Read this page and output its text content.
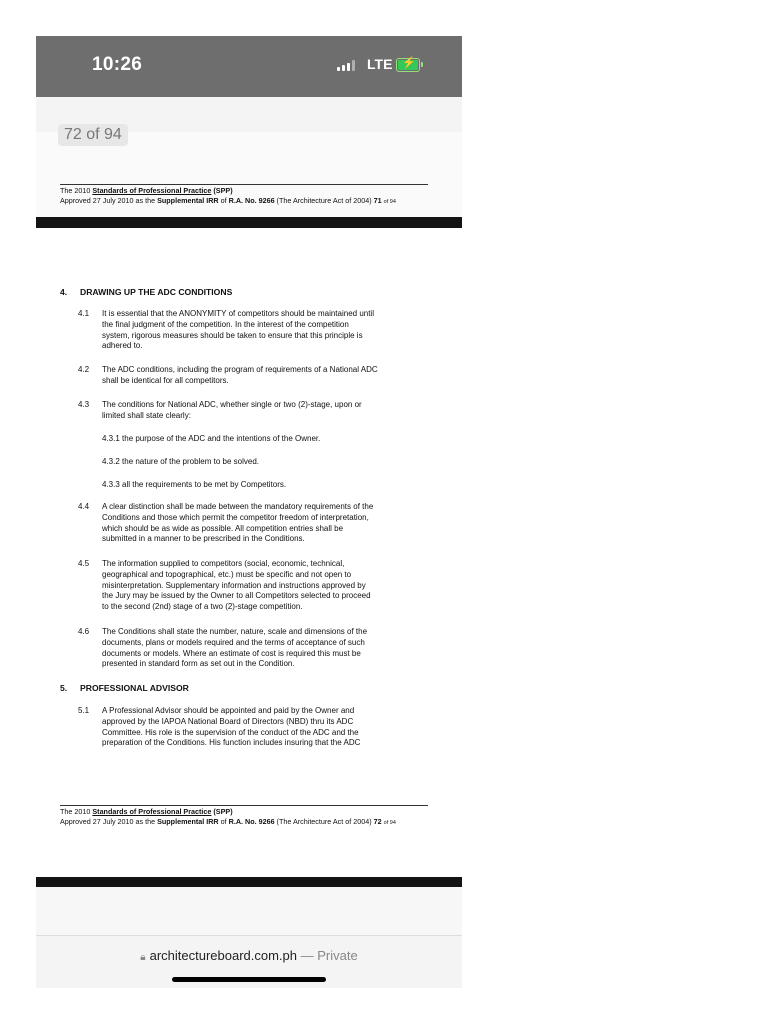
10:26	LTE ⚡
The 2010 Standards of Professional Practice (SPP)
Approved 27 July 2010 as the Supplemental IRR of R.A. No. 9266 (The Architecture Act of 2004) 71 of 94
72 of 94
4. DRAWING UP THE ADC CONDITIONS
4.1 It is essential that the ANONYMITY of competitors should be maintained until
the final judgment of the competition. In the interest of the competition
system, rigorous measures should be taken to ensure that this principle is
adhered to.
4.2 The ADC conditions, including the program of requirements of a National ADC
shall be identical for all competitors.
4.3 The conditions for National ADC, whether single or two (2)-stage, upon or
limited shall state clearly:
4.3.1 the purpose of the ADC and the intentions of the Owner.
4.3.2 the nature of the problem to be solved.
4.3.3 all the requirements to be met by Competitors.
4.4 A clear distinction shall be made between the mandatory requirements of the
Conditions and those which permit the competitor freedom of interpretation,
which should be as wide as possible. All competition entries shall be
submitted in a manner to be prescribed in the Conditions.
4.5 The information supplied to competitors (social, economic, technical,
geographical and topographical, etc.) must be specific and not open to
misinterpretation. Supplementary information and instructions approved by
the Jury may be issued by the Owner to all Competitors selected to proceed
to the second (2nd) stage of a two (2)-stage competition.
4.6 The Conditions shall state the number, nature, scale and dimensions of the
documents, plans or models required and the terms of acceptance of such
documents or models. Where an estimate of cost is required this must be
presented in standard form as set out in the Condition.
5. PROFESSIONAL ADVISOR
5.1 A Professional Advisor should be appointed and paid by the Owner and
approved by the IAPOA National Board of Directors (NBD) thru its ADC
Committee. His role is the supervision of the conduct of the ADC and the
preparation of the Conditions. His function includes insuring that the ADC
The 2010 Standards of Professional Practice (SPP)
Approved 27 July 2010 as the Supplemental IRR of R.A. No. 9266 (The Architecture Act of 2004) 72 of 94
🔒︎ architectureboard.com.ph — Private
